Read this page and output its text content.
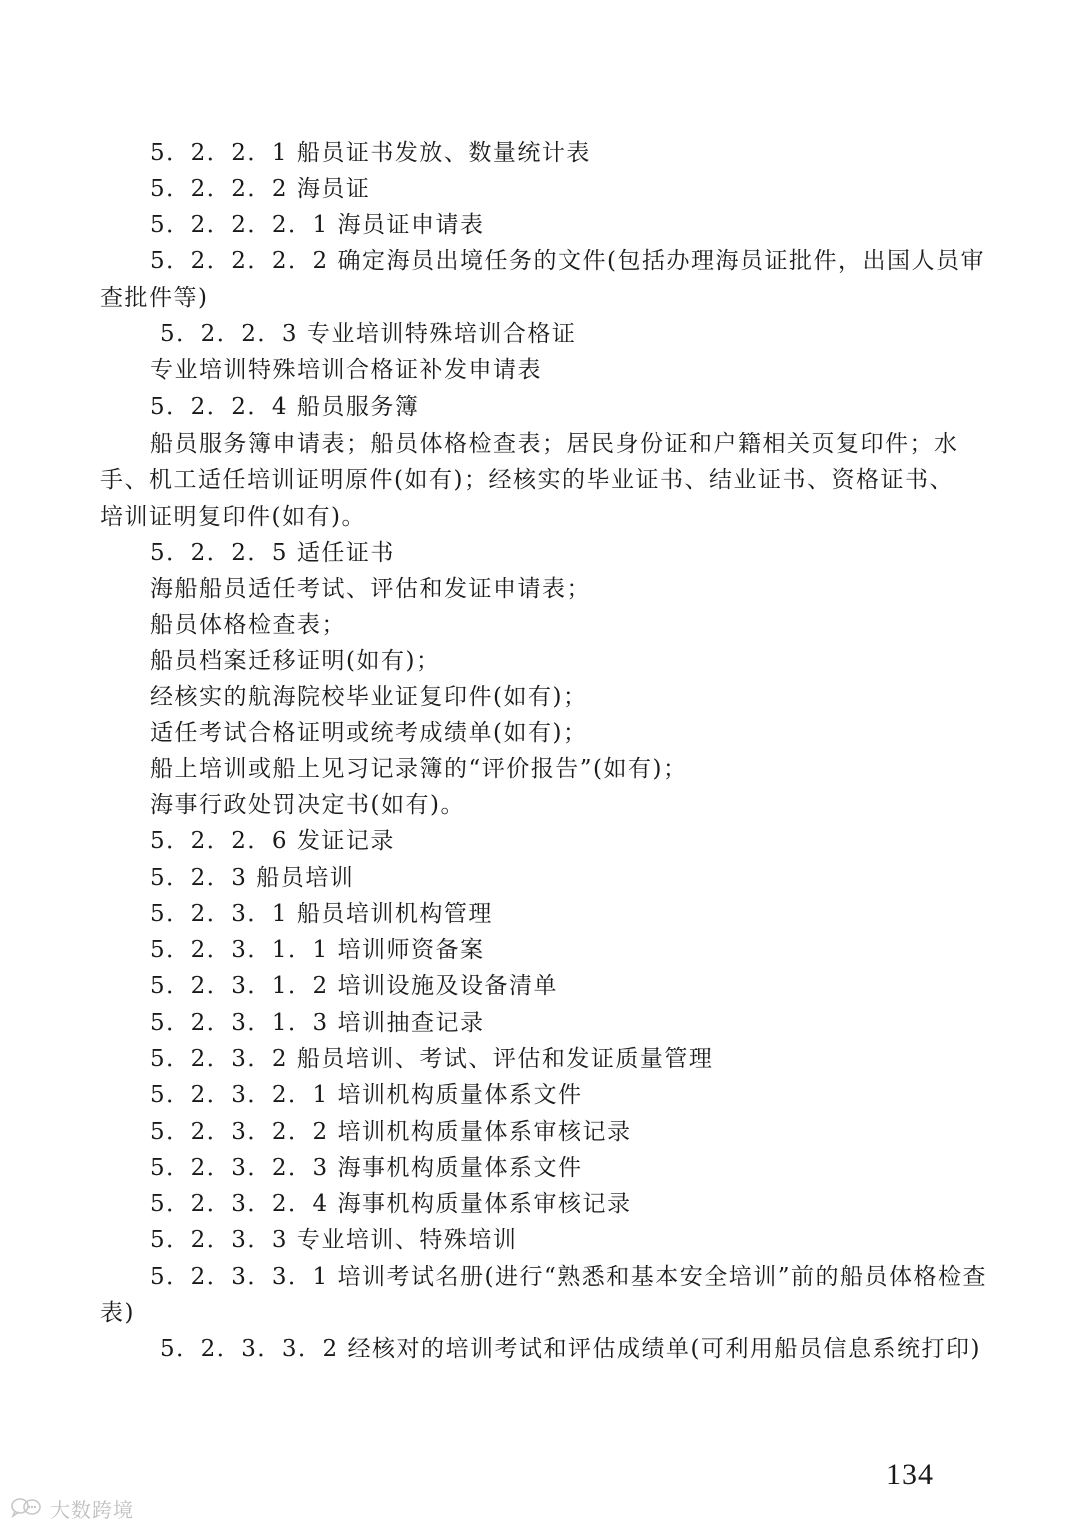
5．2．2．1 船员证书发放、数量统计表
5．2．2．2 海员证
5．2．2．2．1 海员证申请表
5．2．2．2．2 确定海员出境任务的文件(包括办理海员证批件，出国人员审
查批件等)
5．2．2．3 专业培训特殊培训合格证
专业培训特殊培训合格证补发申请表
5．2．2．4 船员服务簿
船员服务簿申请表；船员体格检查表；居民身份证和户籍相关页复印件；水
手、机工适任培训证明原件(如有)；经核实的毕业证书、结业证书、资格证书、
培训证明复印件(如有)。
5．2．2．5 适任证书
海船船员适任考试、评估和发证申请表；
船员体格检查表；
船员档案迁移证明(如有)；
经核实的航海院校毕业证复印件(如有)；
适任考试合格证明或统考成绩单(如有)；
船上培训或船上见习记录簿的“评价报告”(如有)；
海事行政处罚决定书(如有)。
5．2．2．6 发证记录
5．2．3 船员培训
5．2．3．1 船员培训机构管理
5．2．3．1．1 培训师资备案
5．2．3．1．2 培训设施及设备清单
5．2．3．1．3 培训抽查记录
5．2．3．2 船员培训、考试、评估和发证质量管理
5．2．3．2．1 培训机构质量体系文件
5．2．3．2．2 培训机构质量体系审核记录
5．2．3．2．3 海事机构质量体系文件
5．2．3．2．4 海事机构质量体系审核记录
5．2．3．3 专业培训、特殊培训
5．2．3．3．1 培训考试名册(进行“熟悉和基本安全培训”前的船员体格检查
表)
5．2．3．3．2 经核对的培训考试和评估成绩单(可利用船员信息系统打印)
134
大数跨境
